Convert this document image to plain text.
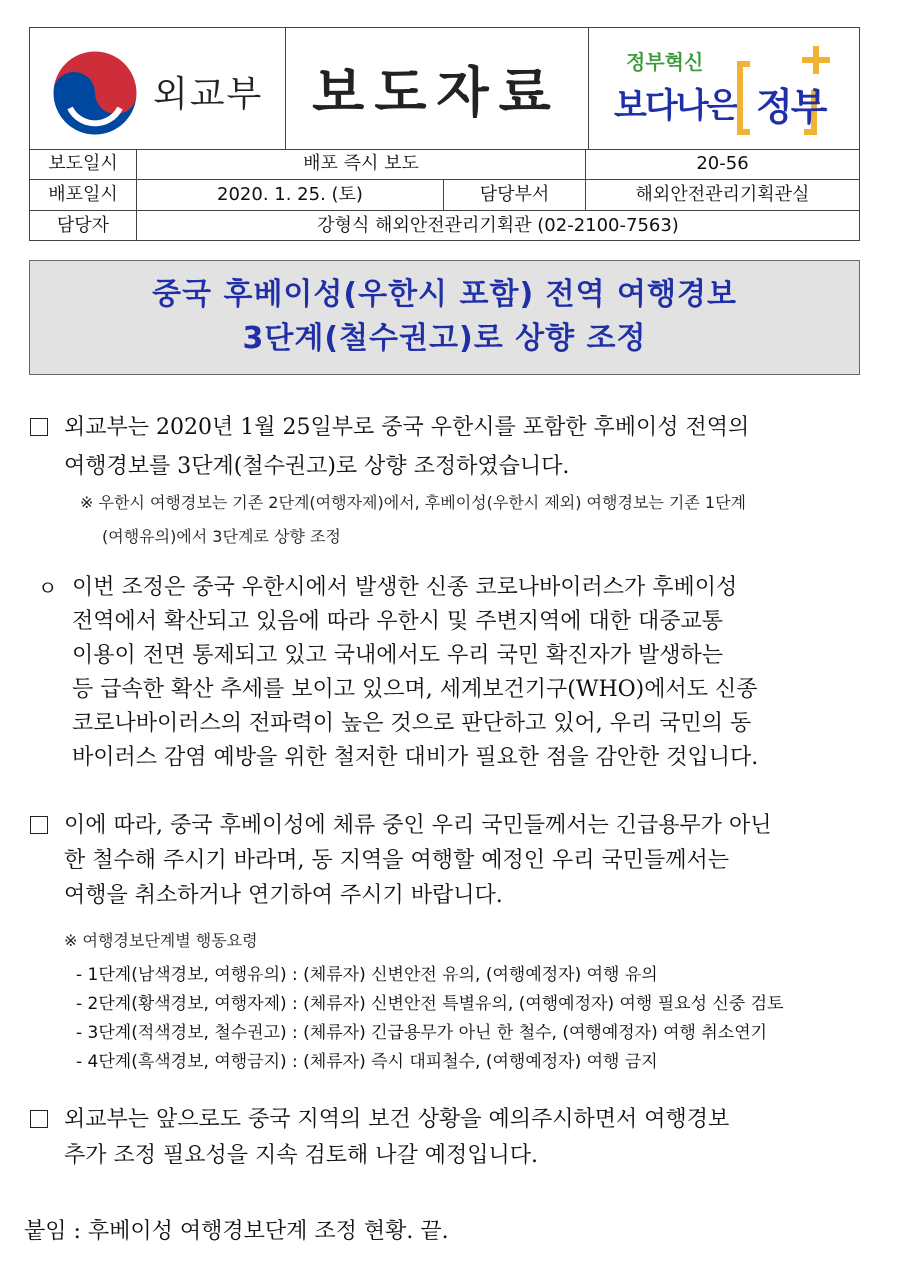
외교부 보도자료	정부혁신
보다나은 정부
보도일시	배포 즉시 보도	20-56
배포일시	2020. 1. 25. (토)	담당부서	해외안전관리기획관실
담당자	강형식 해외안전관리기획관 (02-2100-7563)
중국 후베이성(우한시 포함) 전역 여행경보
3단계(철수권고)로 상향 조정
외교부는 2020년 1월 25일부로 중국 우한시를 포함한 후베이성 전역의
여행경보를 3단계(철수권고)로 상향 조정하였습니다.
※ 우한시 여행경보는 기존 2단계(여행자제)에서, 후베이성(우한시 제외) 여행경보는 기존 1단계
(여행유의)에서 3단계로 상향 조정
ㅇ 이번 조정은 중국 우한시에서 발생한 신종 코로나바이러스가 후베이성
전역에서 확산되고 있음에 따라 우한시 및 주변지역에 대한 대중교통
이용이 전면 통제되고 있고 국내에서도 우리 국민 확진자가 발생하는
등 급속한 확산 추세를 보이고 있으며, 세계보건기구(WHO)에서도 신종
코로나바이러스의 전파력이 높은 것으로 판단하고 있어, 우리 국민의 동
바이러스 감염 예방을 위한 철저한 대비가 필요한 점을 감안한 것입니다.
이에 따라, 중국 후베이성에 체류 중인 우리 국민들께서는 긴급용무가 아닌
한 철수해 주시기 바라며, 동 지역을 여행할 예정인 우리 국민들께서는
여행을 취소하거나 연기하여 주시기 바랍니다.
※ 여행경보단계별 행동요령
- 1단계(남색경보, 여행유의) : (체류자) 신변안전 유의, (여행예정자) 여행 유의
- 2단계(황색경보, 여행자제) : (체류자) 신변안전 특별유의, (여행예정자) 여행 필요성 신중 검토
- 3단계(적색경보, 철수권고) : (체류자) 긴급용무가 아닌 한 철수, (여행예정자) 여행 취소연기
- 4단계(흑색경보, 여행금지) : (체류자) 즉시 대피철수, (여행예정자) 여행 금지
외교부는 앞으로도 중국 지역의 보건 상황을 예의주시하면서 여행경보
추가 조정 필요성을 지속 검토해 나갈 예정입니다.
붙임 : 후베이성 여행경보단계 조정 현황. 끝.
